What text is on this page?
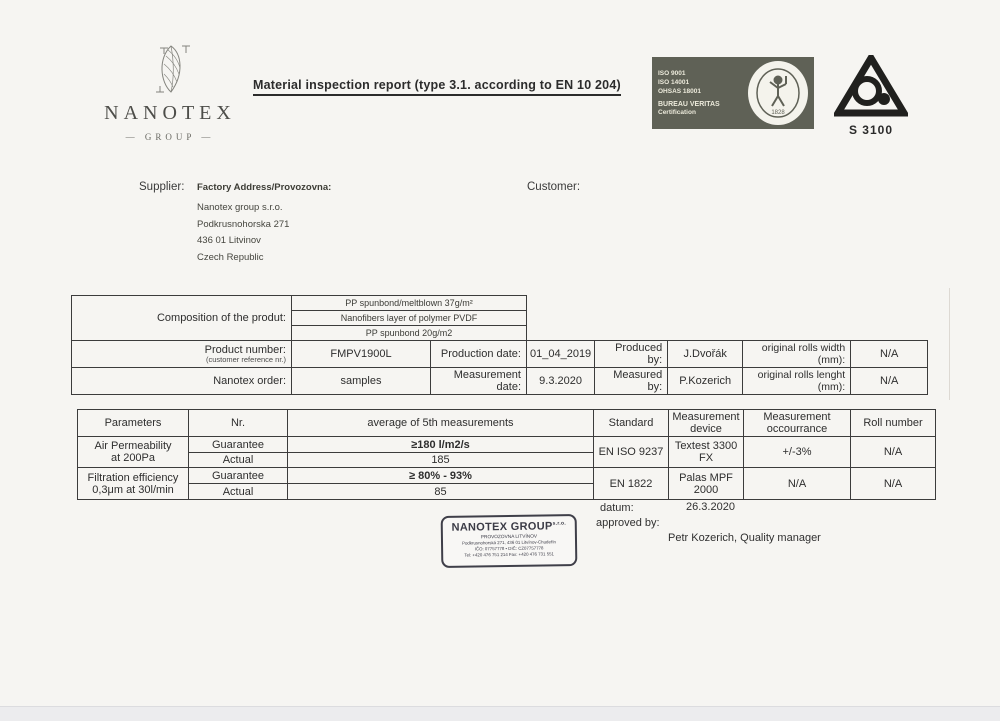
NANOTEX
— GROUP —
Material inspection report (type 3.1. according to EN 10 204)
ISO 9001
ISO 14001
OHSAS 18001
BUREAU VERITAS
Certification	1828
S 3100
Supplier: Factory Address/Provozovna:
Nanotex group s.r.o.
Podkrusnohorska 271
436 01 Litvinov
Czech Republic
Customer:
Composition of the produt:	PP spunbond/meltblown 37g/m²						
	Nanofibers layer of polymer PVDF						
	PP spunbond 20g/m2						
Product number:
(customer reference nr.)	FMPV1900L	Production date:	01_04_2019	Produced by:	J.Dvořák	original rolls width (mm):	N/A
Nanotex order:	samples	Measurement date:	9.3.2020	Measured by:	P.Kozerich	original rolls lenght (mm):	N/A
Parameters	Nr.	average of 5th measurements	Standard	Measurement device	Measurement occourrance	Roll number
Air Permeability
at 200Pa	Guarantee	≥180 l/m2/s	EN ISO 9237	Textest 3300 FX	+/-3%	N/A
	Actual	185				
Filtration efficiency
0,3μm at 30l/min	Guarantee	≥ 80% - 93%	EN 1822	Palas MPF 2000	N/A	N/A
	Actual	85				
NANOTEX $GROUP^{s.r.o.}$
PROVOZOVNA LITVÍNOV
Podkrusnohorská 271, 436 01 Litvínov-Chudeřín
IČO: 07757778 • DIČ: CZ07757778
Tel: +420 476 751 214 Fax: +420 476 731 551
datum:	26.3.2020
approved by:
Petr Kozerich, Quality manager
